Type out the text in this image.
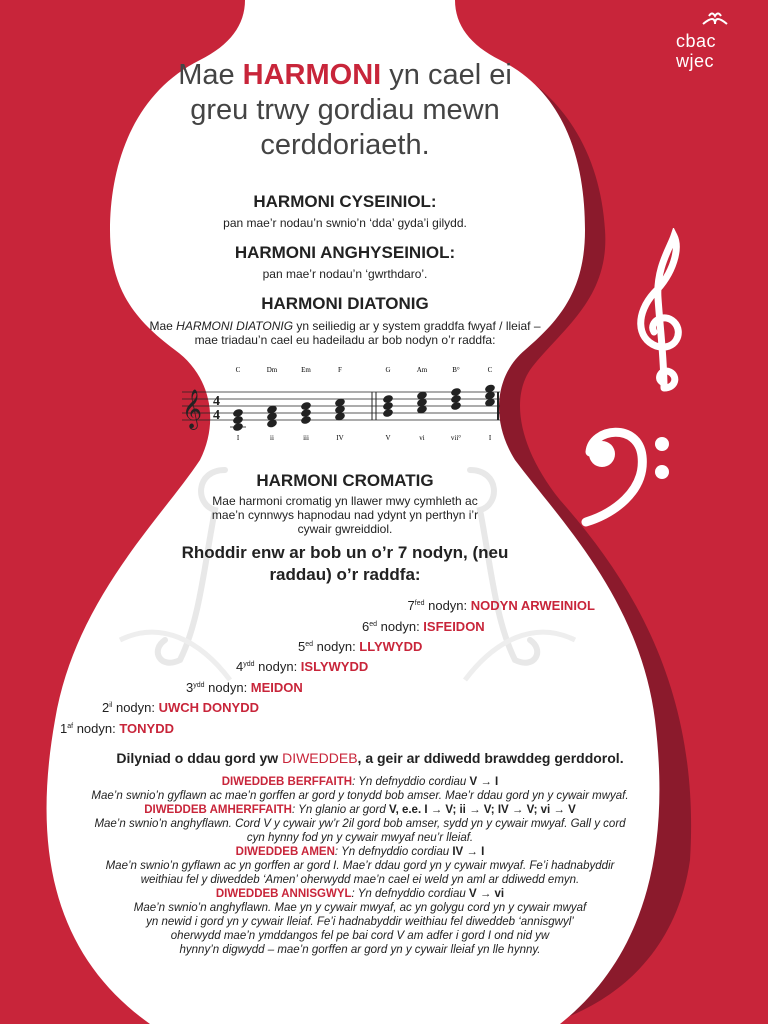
cbac
wjec
Mae HARMONI yn cael ei greu trwy gordiau mewn cerddoriaeth.
HARMONI CYSEINIOL:
pan mae’r nodau’n swnio’n ‘dda’ gyda’i gilydd.
HARMONI ANGHYSEINIOL:
pan mae’r nodau’n ‘gwrthdaro’.
HARMONI DIATONIG
Mae HARMONI DIATONIG yn seiliedig ar y system graddfa fwyaf / lleiaf – mae triadau’n cael eu hadeiladu ar bob nodyn o’r raddfa:
𝄞 4
4
C
I
Dm
ii
Em
iii
F
IV
G
V
Am
vi
B°
vii°
C
I
HARMONI CROMATIG
Mae harmoni cromatig yn llawer mwy cymhleth ac mae’n cynnwys hapnodau nad ydynt yn perthyn i’r cywair gwreiddiol.
Rhoddir enw ar bob un o’r 7 nodyn, (neu raddau) o’r raddfa:
$7^{fed}$ nodyn: NODYN ARWEINIOL
$6^{ed}$ nodyn: ISFEIDON
$5^{ed}$ nodyn: LLYWYDD
$4^{ydd}$ nodyn: ISLYWYDD
$3^{ydd}$ nodyn: MEIDON
$2^{il}$ nodyn: UWCH DONYDD
$1^{af}$ nodyn: TONYDD
Dilyniad o ddau gord yw DIWEDDEB, a geir ar ddiwedd brawddeg gerddorol.
DIWEDDEB BERFFAITH: Yn defnyddio cordiau V → I
Mae’n swnio’n gyflawn ac mae’n gorffen ar gord y tonydd bob amser. Mae’r ddau gord yn y cywair mwyaf.
DIWEDDEB AMHERFFAITH: Yn glanio ar gord V, e.e. I → V; ii → V; IV → V; vi → V
Mae’n swnio’n anghyflawn. Cord V y cywair yw’r 2il gord bob amser, sydd yn y cywair mwyaf. Gall y cord
cyn hynny fod yn y cywair mwyaf neu’r lleiaf.
DIWEDDEB AMEN: Yn defnyddio cordiau IV → I
Mae’n swnio’n gyflawn ac yn gorffen ar gord I. Mae’r ddau gord yn y cywair mwyaf. Fe’i hadnabyddir
weithiau fel y diweddeb ‘Amen’ oherwydd mae’n cael ei weld yn aml ar ddiwedd emyn.
DIWEDDEB ANNISGWYL: Yn defnyddio cordiau V → vi
Mae’n swnio’n anghyflawn. Mae yn y cywair mwyaf, ac yn golygu cord yn y cywair mwyaf
yn newid i gord yn y cywair lleiaf. Fe’i hadnabyddir weithiau fel diweddeb ‘annisgwyl’
oherwydd mae’n ymddangos fel pe bai cord V am adfer i gord I ond nid yw
hynny’n digwydd – mae’n gorffen ar gord yn y cywair lleiaf yn lle hynny.
